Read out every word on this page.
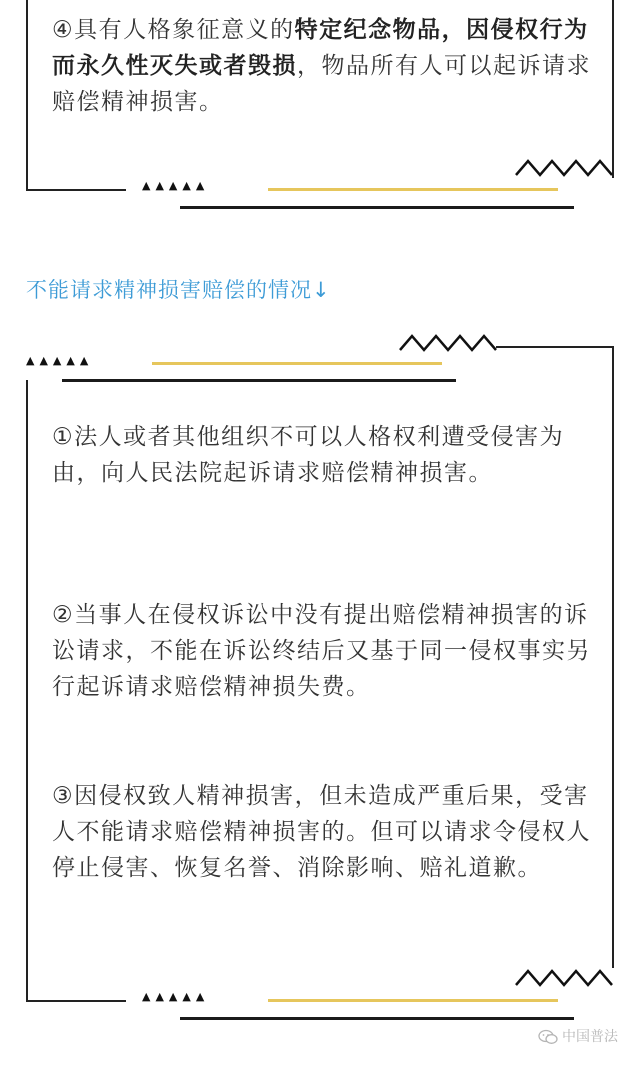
④具有人格象征意义的特定纪念物品，因侵权行为而永久性灭失或者毁损，物品所有人可以起诉请求赔偿精神损害。
▲▲▲▲▲
不能请求精神损害赔偿的情况↓
▲▲▲▲▲
①法人或者其他组织不可以人格权利遭受侵害为由，向人民法院起诉请求赔偿精神损害。
②当事人在侵权诉讼中没有提出赔偿精神损害的诉讼请求，不能在诉讼终结后又基于同一侵权事实另行起诉请求赔偿精神损失费。
③因侵权致人精神损害，但未造成严重后果，受害人不能请求赔偿精神损害的。但可以请求令侵权人停止侵害、恢复名誉、消除影响、赔礼道歉。
▲▲▲▲▲
中国普法
